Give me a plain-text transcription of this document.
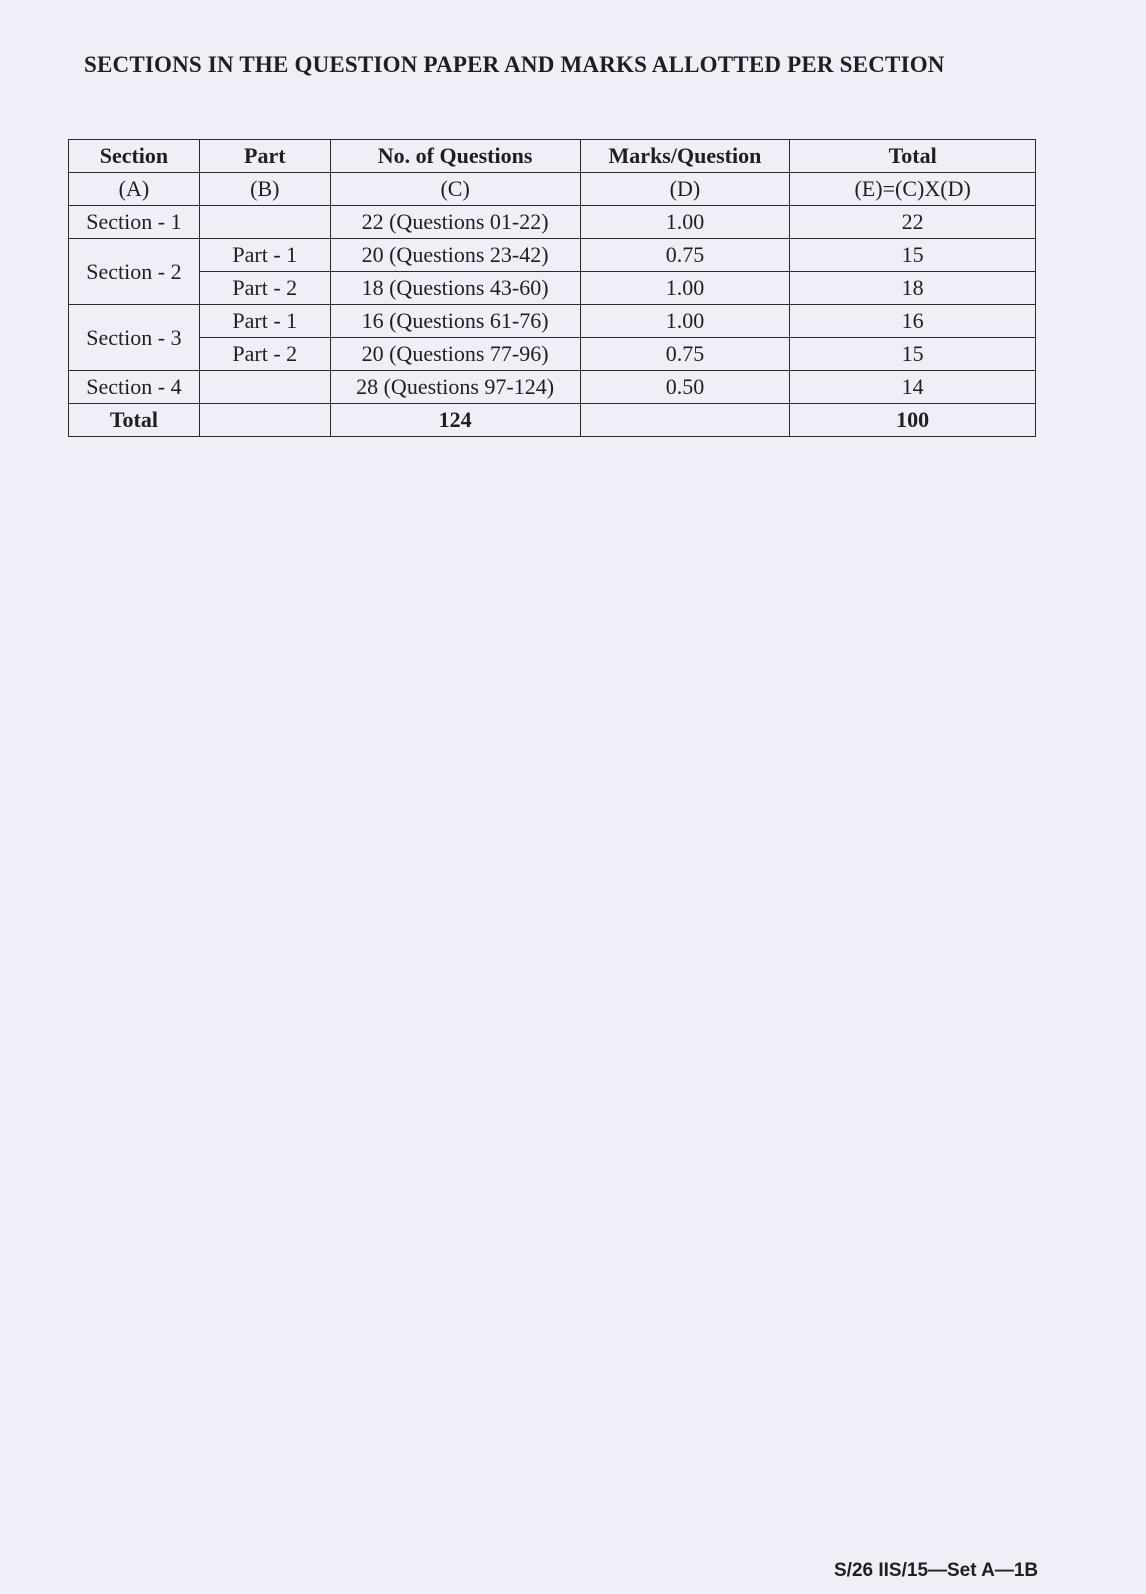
SECTIONS IN THE QUESTION PAPER AND MARKS ALLOTTED PER SECTION
Section	Part	No. of Questions	Marks/Question	Total
(A)	(B)	(C)	(D)	(E)=(C)X(D)
Section - 1		22 (Questions 01-22)	1.00	22
Section - 2	Part - 1	20 (Questions 23-42)	0.75	15
	Part - 2	18 (Questions 43-60)	1.00	18
Section - 3	Part - 1	16 (Questions 61-76)	1.00	16
	Part - 2	20 (Questions 77-96)	0.75	15
Section - 4		28 (Questions 97-124)	0.50	14
Total		124		100
S/26 IIS/15—Set A—1B
